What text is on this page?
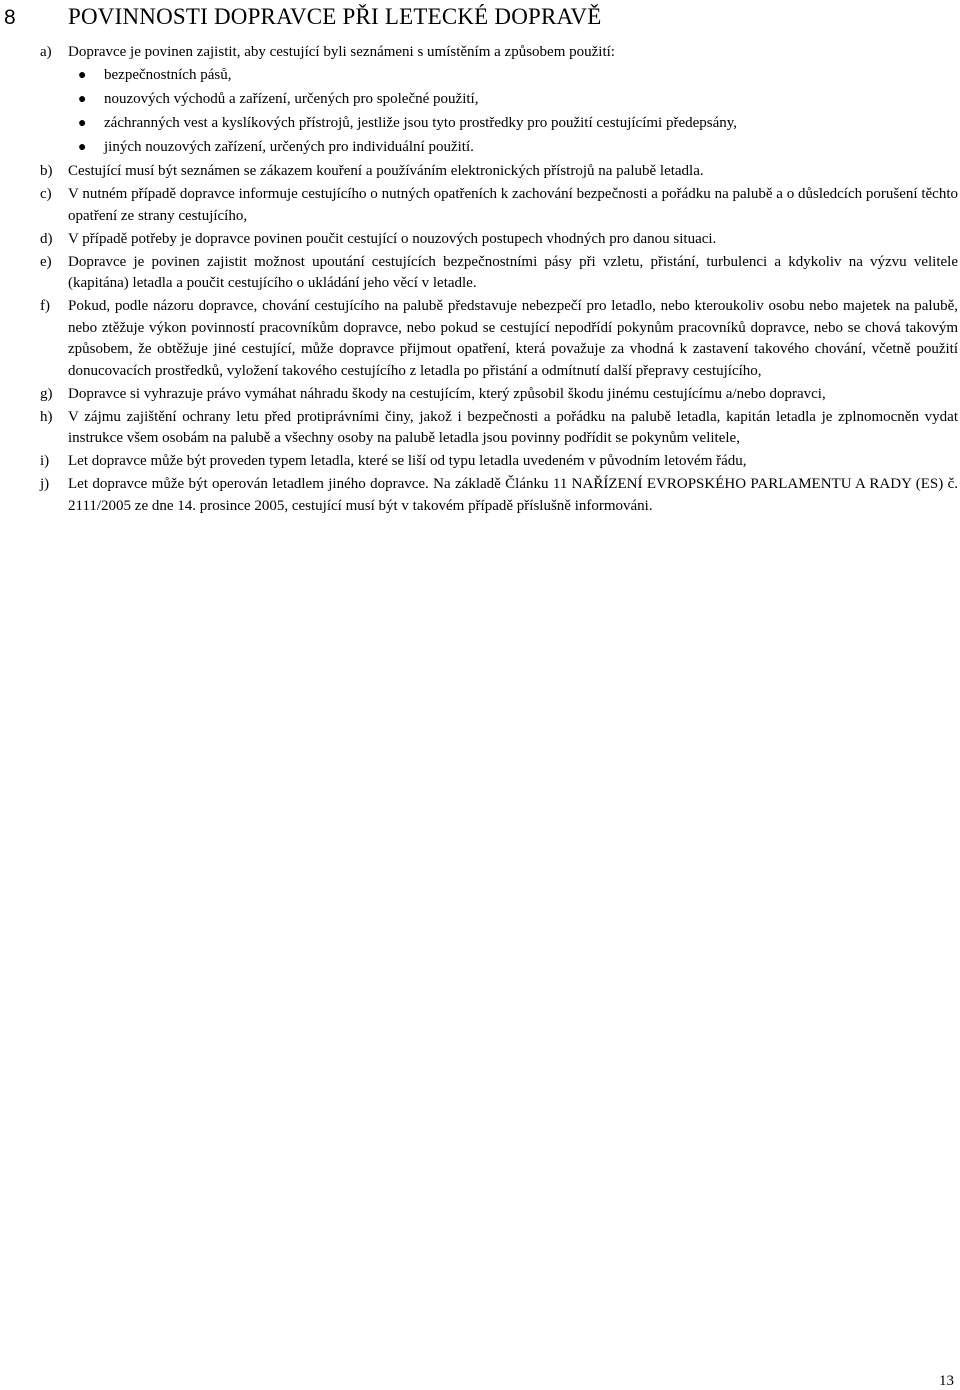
8	POVINNOSTI DOPRAVCE PŘI LETECKÉ DOPRAVĚ
a)	Dopravce je povinen zajistit, aby cestující byli seznámeni s umístěním a způsobem použití:
● bezpečnostních pásů,
● nouzových východů a zařízení, určených pro společné použití,
● záchranných vest a kyslíkových přístrojů, jestliže jsou tyto prostředky pro použití cestujícími předepsány,
● jiných nouzových zařízení, určených pro individuální použití.
b)	Cestující musí být seznámen se zákazem kouření a používáním elektronických přístrojů na palubě letadla.
c)	V nutném případě dopravce informuje cestujícího o nutných opatřeních k zachování bezpečnosti a pořádku na palubě a o důsledcích porušení těchto opatření ze strany cestujícího,
d)	V případě potřeby je dopravce povinen poučit cestující o nouzových postupech vhodných pro danou situaci.
e)	Dopravce je povinen zajistit možnost upoutání cestujících bezpečnostními pásy při vzletu, přistání, turbulenci a kdykoliv na výzvu velitele (kapitána) letadla a poučit cestujícího o ukládání jeho věcí v letadle.
f)	Pokud, podle názoru dopravce, chování cestujícího na palubě představuje nebezpečí pro letadlo, nebo kteroukoliv osobu nebo majetek na palubě, nebo ztěžuje výkon povinností pracovníkům dopravce, nebo pokud se cestující nepodřídí pokynům pracovníků dopravce, nebo se chová takovým způsobem, že obtěžuje jiné cestující, může dopravce přijmout opatření, která považuje za vhodná k zastavení takového chování, včetně použití donucovacích prostředků, vyložení takového cestujícího z letadla po přistání a odmítnutí další přepravy cestujícího,
g)	Dopravce si vyhrazuje právo vymáhat náhradu škody na cestujícím, který způsobil škodu jinému cestujícímu a/nebo dopravci,
h)	V zájmu zajištění ochrany letu před protiprávními činy, jakož i bezpečnosti a pořádku na palubě letadla, kapitán letadla je zplnomocněn vydat instrukce všem osobám na palubě a všechny osoby na palubě letadla jsou povinny podřídit se pokynům velitele,
i)	Let dopravce může být proveden typem letadla, které se liší od typu letadla uvedeném v původním letovém řádu,
j)	Let dopravce může být operován letadlem jiného dopravce. Na základě Článku 11 NAŘÍZENÍ EVROPSKÉHO PARLAMENTU A RADY (ES) č. 2111/2005 ze dne 14. prosince 2005, cestující musí být v takovém případě příslušně informováni.
13
